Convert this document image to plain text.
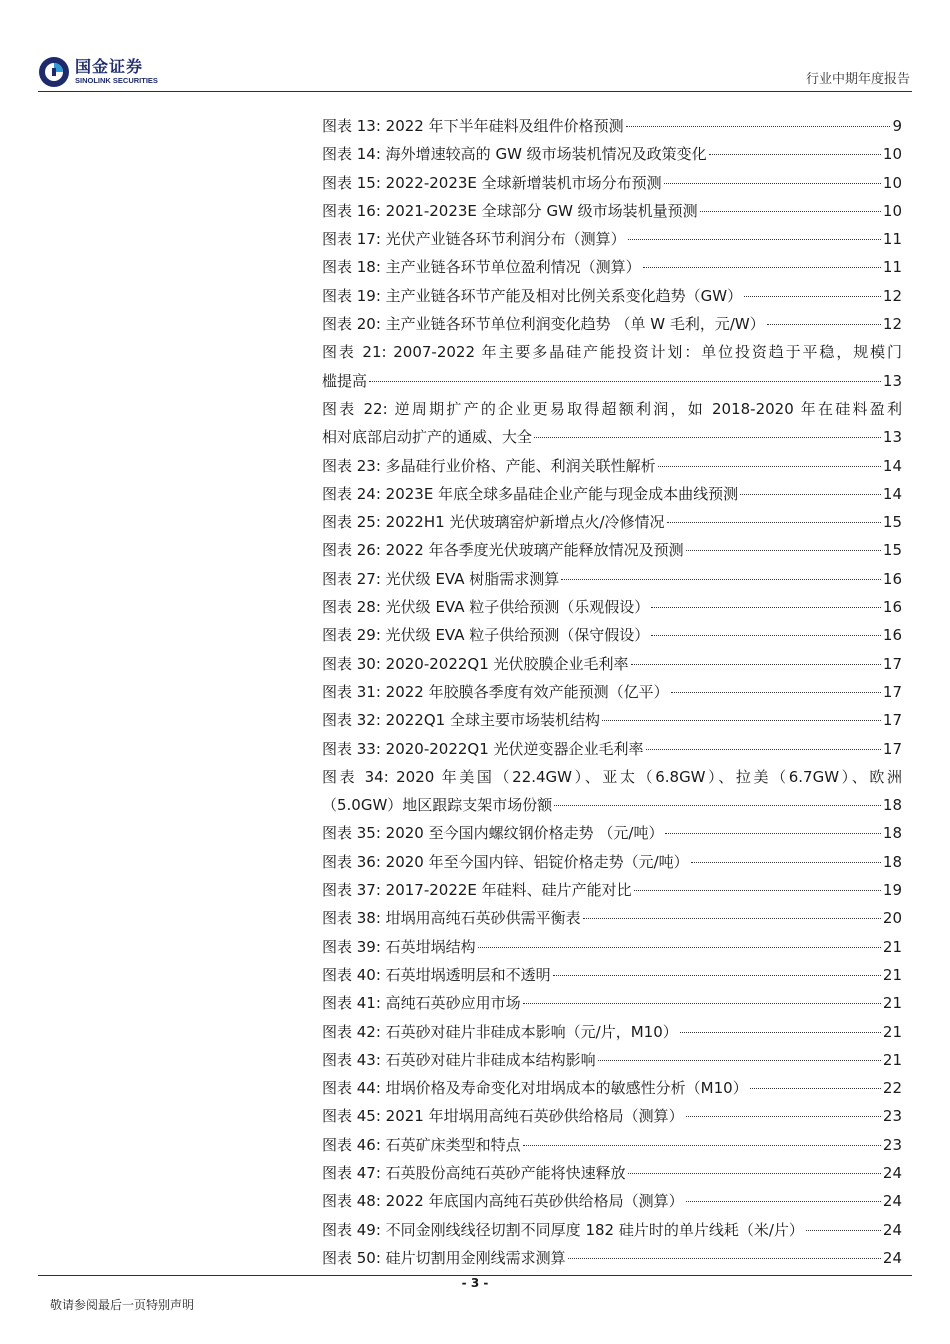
国金证券
SINOLINK SECURITIES	行业中期年度报告
图表 13: 2022 年下半年硅料及组件价格预测	9
图表 14: 海外增速较高的 GW 级市场装机情况及政策变化	10
图表 15: 2022-2023E 全球新增装机市场分布预测	10
图表 16: 2021-2023E 全球部分 GW 级市场装机量预测	10
图表 17: 光伏产业链各环节利润分布（测算）	11
图表 18: 主产业链各环节单位盈利情况（测算）	11
图表 19: 主产业链各环节产能及相对比例关系变化趋势（GW）	12
图表 20: 主产业链各环节单位利润变化趋势 （单 W 毛利，元/W）	12
图表 21: 2007-2022 年主要多晶硅产能投资计划：单位投资趋于平稳，规模门
槛提高	13
图表 22: 逆周期扩产的企业更易取得超额利润，如 2018-2020 年在硅料盈利
相对底部启动扩产的通威、大全	13
图表 23: 多晶硅行业价格、产能、利润关联性解析	14
图表 24: 2023E 年底全球多晶硅企业产能与现金成本曲线预测	14
图表 25: 2022H1 光伏玻璃窑炉新增点火/冷修情况	15
图表 26: 2022 年各季度光伏玻璃产能释放情况及预测	15
图表 27: 光伏级 EVA 树脂需求测算	16
图表 28: 光伏级 EVA 粒子供给预测（乐观假设）	16
图表 29: 光伏级 EVA 粒子供给预测（保守假设）	16
图表 30: 2020-2022Q1 光伏胶膜企业毛利率	17
图表 31: 2022 年胶膜各季度有效产能预测（亿平）	17
图表 32: 2022Q1 全球主要市场装机结构	17
图表 33: 2020-2022Q1 光伏逆变器企业毛利率	17
图表 34: 2020 年美国（22.4GW）、亚太（6.8GW）、拉美（6.7GW）、欧洲
（5.0GW）地区跟踪支架市场份额	18
图表 35: 2020 至今国内螺纹钢价格走势 （元/吨）	18
图表 36: 2020 年至今国内锌、铝锭价格走势（元/吨）	18
图表 37: 2017-2022E 年硅料、硅片产能对比	19
图表 38: 坩埚用高纯石英砂供需平衡表	20
图表 39: 石英坩埚结构	21
图表 40: 石英坩埚透明层和不透明	21
图表 41: 高纯石英砂应用市场	21
图表 42: 石英砂对硅片非硅成本影响（元/片，M10）	21
图表 43: 石英砂对硅片非硅成本结构影响	21
图表 44: 坩埚价格及寿命变化对坩埚成本的敏感性分析（M10）	22
图表 45: 2021 年坩埚用高纯石英砂供给格局（测算）	23
图表 46: 石英矿床类型和特点	23
图表 47: 石英股份高纯石英砂产能将快速释放	24
图表 48: 2022 年底国内高纯石英砂供给格局（测算）	24
图表 49: 不同金刚线线径切割不同厚度 182 硅片时的单片线耗（米/片）	24
图表 50: 硅片切割用金刚线需求测算	24
- 3 -
敬请参阅最后一页特别声明
